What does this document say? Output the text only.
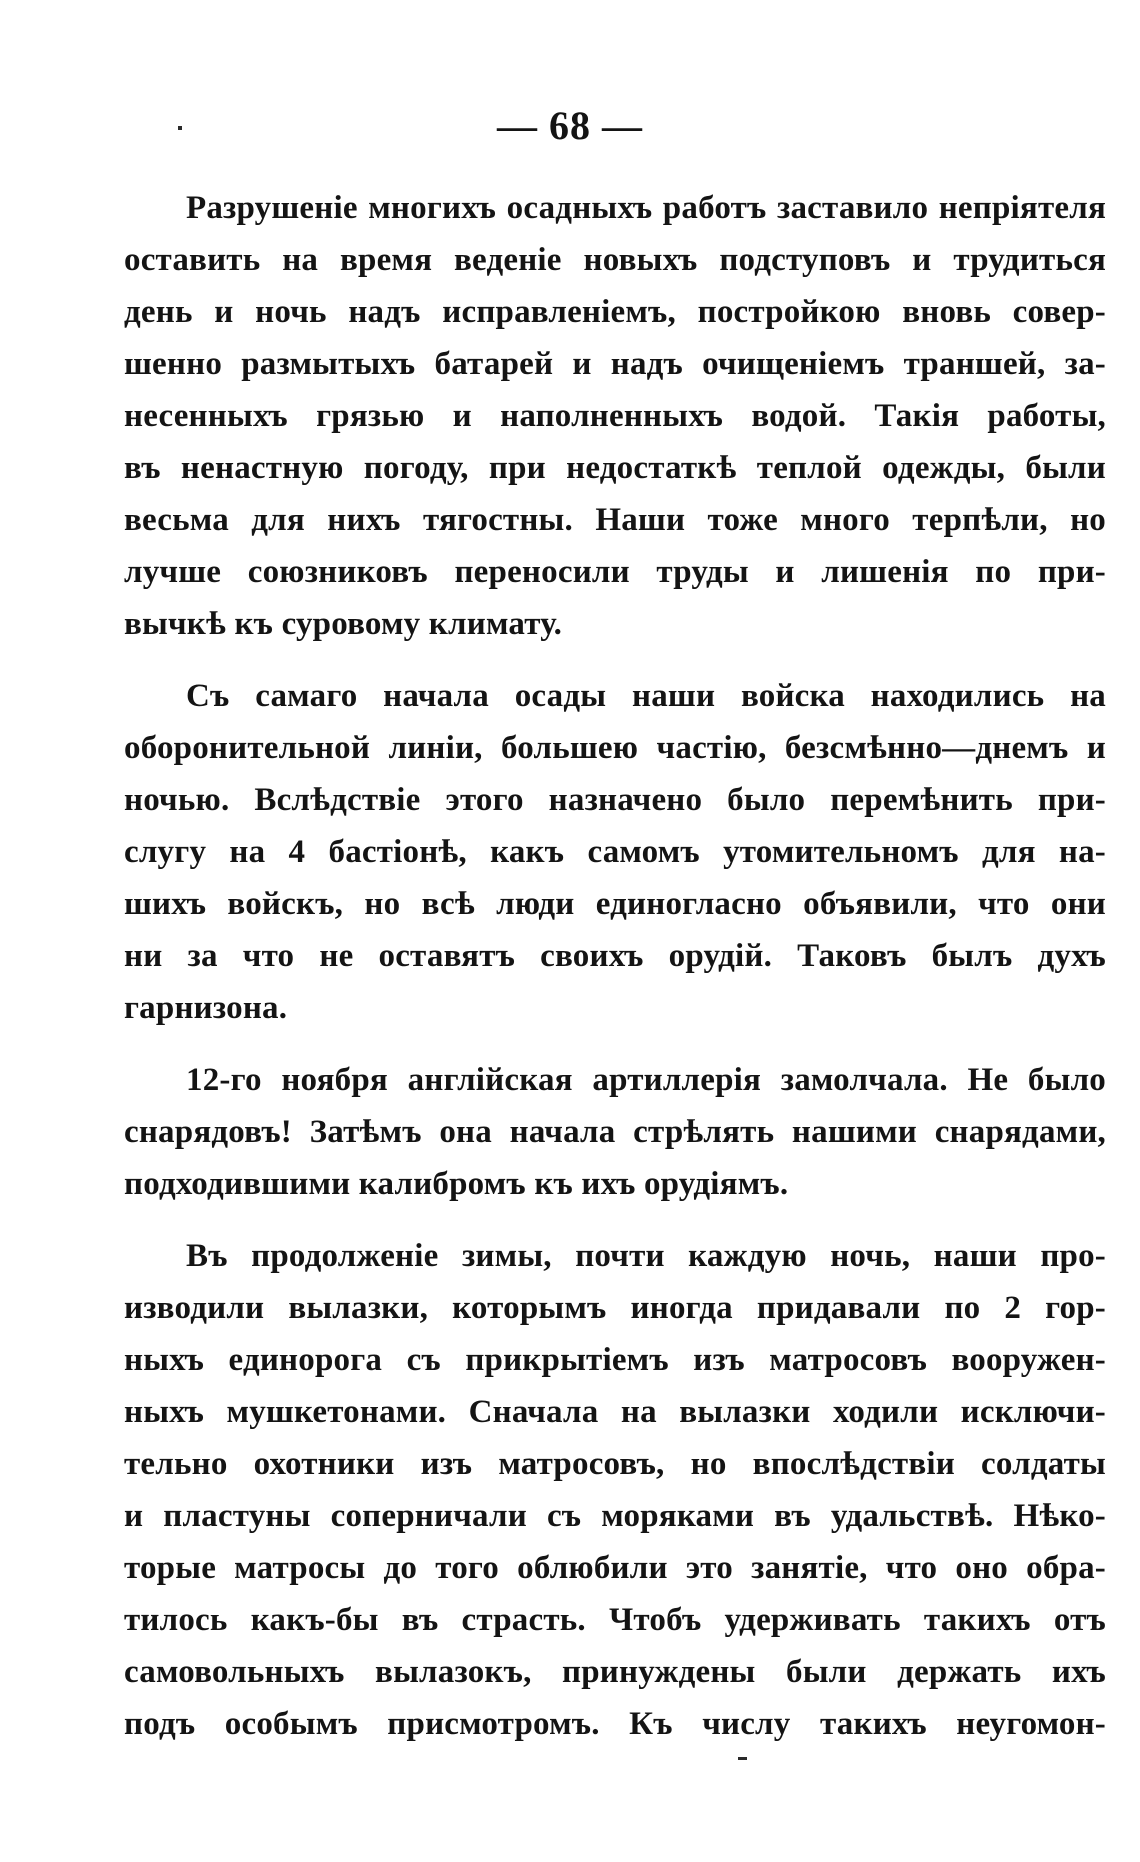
— 68 —
Разрушеніе многихъ осадныхъ работъ заставило непріятеля
оставить на время веденіе новыхъ подступовъ и трудиться
день и ночь надъ исправленіемъ, постройкою вновь совер-
шенно размытыхъ батарей и надъ очищеніемъ траншей, за-
несенныхъ грязью и наполненныхъ водой. Такія работы,
въ ненастную погоду, при недостаткѣ теплой одежды, были
весьма для нихъ тягостны. Наши тоже много терпѣли, но
лучше союзниковъ переносили труды и лишенія по при-
вычкѣ къ суровому климату.
Съ самаго начала осады наши войска находились на
оборонительной линіи, большею частію, безсмѣнно—днемъ и
ночью. Вслѣдствіе этого назначено было перемѣнить при-
слугу на 4 бастіонѣ, какъ самомъ утомительномъ для на-
шихъ войскъ, но всѣ люди единогласно объявили, что они
ни за что не оставятъ своихъ орудій. Таковъ былъ духъ
гарнизона.
12-го ноября англійская артиллерія замолчала. Не было
снарядовъ! Затѣмъ она начала стрѣлять нашими снарядами,
подходившими калибромъ къ ихъ орудіямъ.
Въ продолженіе зимы, почти каждую ночь, наши про-
изводили вылазки, которымъ иногда придавали по 2 гор-
ныхъ единорога съ прикрытіемъ изъ матросовъ вооружен-
ныхъ мушкетонами. Сначала на вылазки ходили исключи-
тельно охотники изъ матросовъ, но впослѣдствіи солдаты
и пластуны соперничали съ моряками въ удальствѣ. Нѣко-
торые матросы до того облюбили это занятіе, что оно обра-
тилось какъ-бы въ страсть. Чтобъ удерживать такихъ отъ
самовольныхъ вылазокъ, принуждены были держать ихъ
подъ особымъ присмотромъ. Къ числу такихъ неугомон-
